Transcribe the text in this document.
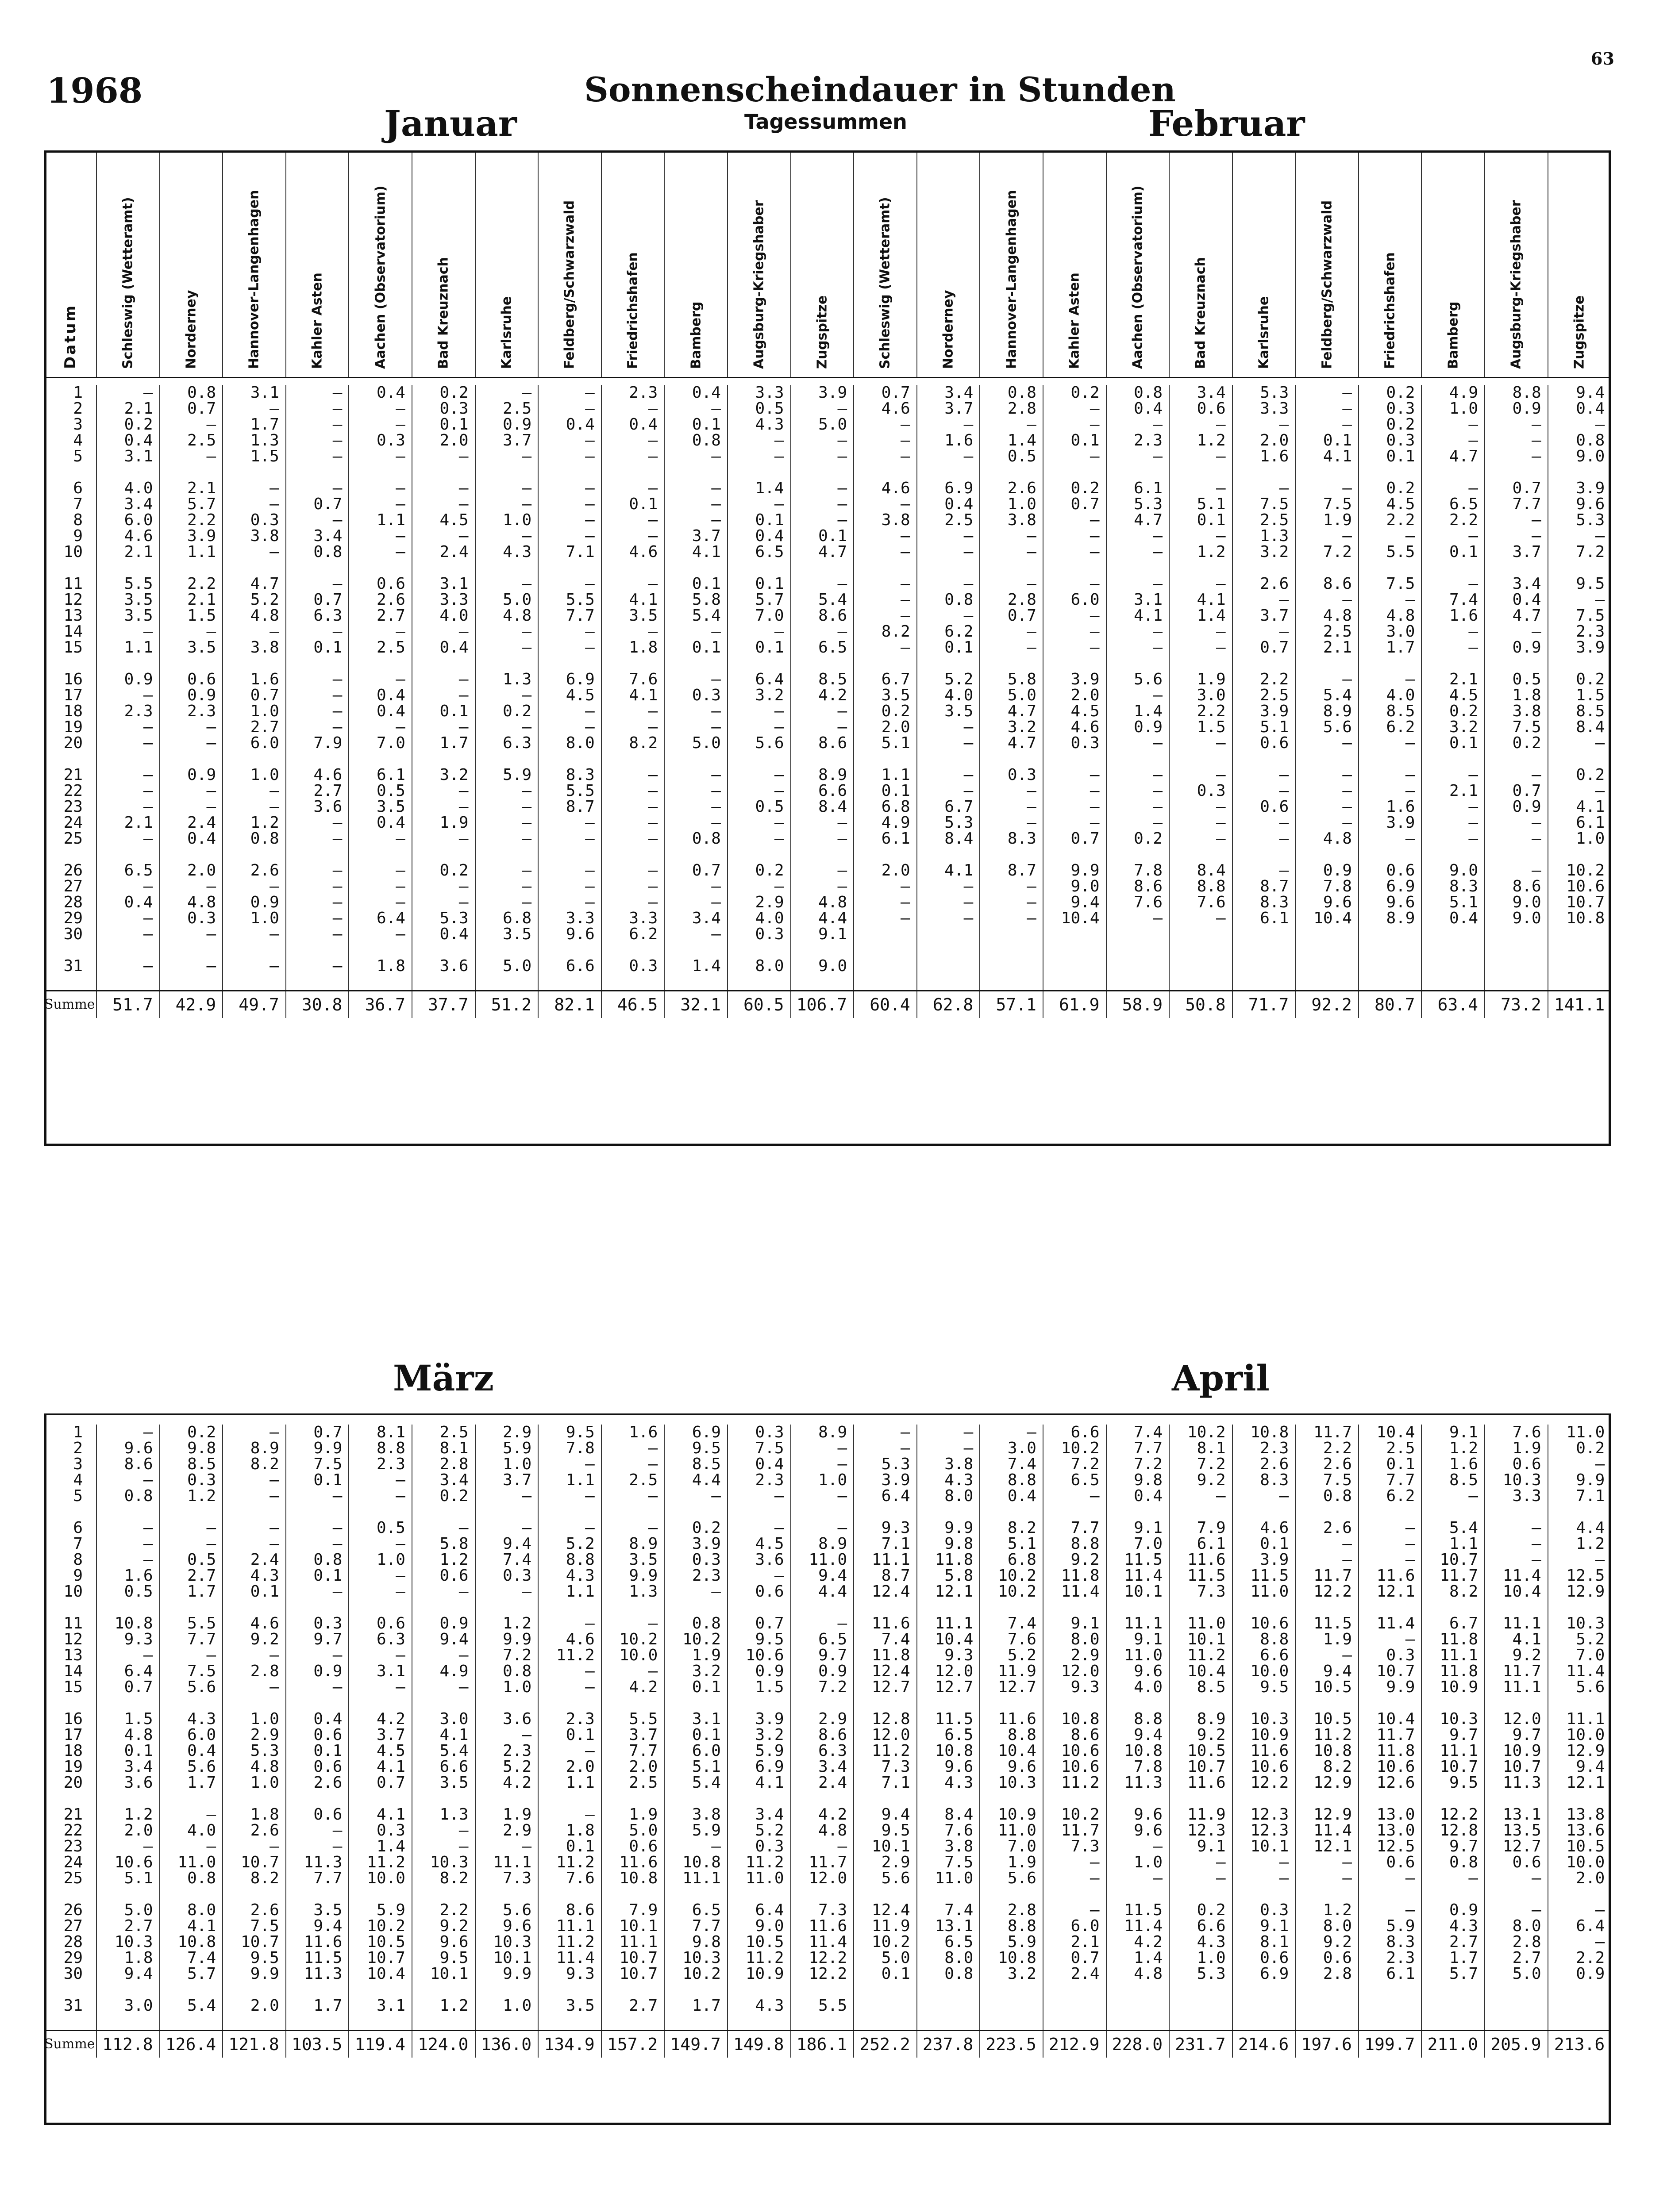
1968	Sonnenscheindauer in Stunden
Tagessummen
63
Januar	Februar
März	April
Datum	Schleswig (Wetteramt)	Norderney	Hannover-Langenhagen	Kahler Asten	Aachen (Observatorium)	Bad Kreuznach	Karlsruhe	Feldberg/Schwarzwald	Friedrichshafen	Bamberg	Augsburg-Kriegshaber	Zugspitze	Schleswig (Wetteramt)	Norderney	Hannover-Langenhagen	Kahler Asten	Aachen (Observatorium)	Bad Kreuznach	Karlsruhe	Feldberg/Schwarzwald	Friedrichshafen	Bamberg	Augsburg-Kriegshaber	Zugspitze
1	–	0.8	3.1	–	0.4	0.2	–	–	2.3	0.4	3.3	3.9	0.7	3.4	0.8	0.2	0.8	3.4	5.3	–	0.2	4.9	8.8	9.4
2	2.1	0.7	–	–	–	0.3	2.5	–	–	–	0.5	–	4.6	3.7	2.8	–	0.4	0.6	3.3	–	0.3	1.0	0.9	0.4
3	0.2	–	1.7	–	–	0.1	0.9	0.4	0.4	0.1	4.3	5.0	–	–	–	–	–	–	–	–	0.2	–	–	–
4	0.4	2.5	1.3	–	0.3	2.0	3.7	–	–	0.8	–	–	–	1.6	1.4	0.1	2.3	1.2	2.0	0.1	0.3	–	–	0.8
5	3.1	–	1.5	–	–	–	–	–	–	–	–	–	–	–	0.5	–	–	–	1.6	4.1	0.1	4.7	–	9.0

6	4.0	2.1	–	–	–	–	–	–	–	–	1.4	–	4.6	6.9	2.6	0.2	6.1	–	–	–	0.2	–	0.7	3.9
7	3.4	5.7	–	0.7	–	–	–	–	0.1	–	–	–	–	0.4	1.0	0.7	5.3	5.1	7.5	7.5	4.5	6.5	7.7	9.6
8	6.0	2.2	0.3	–	1.1	4.5	1.0	–	–	–	0.1	–	3.8	2.5	3.8	–	4.7	0.1	2.5	1.9	2.2	2.2	–	5.3
9	4.6	3.9	3.8	3.4	–	–	–	–	–	3.7	0.4	0.1	–	–	–	–	–	–	1.3	–	–	–	–	–
10	2.1	1.1	–	0.8	–	2.4	4.3	7.1	4.6	4.1	6.5	4.7	–	–	–	–	–	1.2	3.2	7.2	5.5	0.1	3.7	7.2

11	5.5	2.2	4.7	–	0.6	3.1	–	–	–	0.1	0.1	–	–	–	–	–	–	–	2.6	8.6	7.5	–	3.4	9.5
12	3.5	2.1	5.2	0.7	2.6	3.3	5.0	5.5	4.1	5.8	5.7	5.4	–	0.8	2.8	6.0	3.1	4.1	–	–	–	7.4	0.4	–
13	3.5	1.5	4.8	6.3	2.7	4.0	4.8	7.7	3.5	5.4	7.0	8.6	–	–	0.7	–	4.1	1.4	3.7	4.8	4.8	1.6	4.7	7.5
14	–	–	–	–	–	–	–	–	–	–	–	–	8.2	6.2	–	–	–	–	–	2.5	3.0	–	–	2.3
15	1.1	3.5	3.8	0.1	2.5	0.4	–	–	1.8	0.1	0.1	6.5	–	0.1	–	–	–	–	0.7	2.1	1.7	–	0.9	3.9

16	0.9	0.6	1.6	–	–	–	1.3	6.9	7.6	–	6.4	8.5	6.7	5.2	5.8	3.9	5.6	1.9	2.2	–	–	2.1	0.5	0.2
17	–	0.9	0.7	–	0.4	–	–	4.5	4.1	0.3	3.2	4.2	3.5	4.0	5.0	2.0	–	3.0	2.5	5.4	4.0	4.5	1.8	1.5
18	2.3	2.3	1.0	–	0.4	0.1	0.2	–	–	–	–	–	0.2	3.5	4.7	4.5	1.4	2.2	3.9	8.9	8.5	0.2	3.8	8.5
19	–	–	2.7	–	–	–	–	–	–	–	–	–	2.0	–	3.2	4.6	0.9	1.5	5.1	5.6	6.2	3.2	7.5	8.4
20	–	–	6.0	7.9	7.0	1.7	6.3	8.0	8.2	5.0	5.6	8.6	5.1	–	4.7	0.3	–	–	0.6	–	–	0.1	0.2	–

21	–	0.9	1.0	4.6	6.1	3.2	5.9	8.3	–	–	–	8.9	1.1	–	0.3	–	–	–	–	–	–	–	–	0.2
22	–	–	–	2.7	0.5	–	–	5.5	–	–	–	6.6	0.1	–	–	–	–	0.3	–	–	–	2.1	0.7	–
23	–	–	–	3.6	3.5	–	–	8.7	–	–	0.5	8.4	6.8	6.7	–	–	–	–	0.6	–	1.6	–	0.9	4.1
24	2.1	2.4	1.2	–	0.4	1.9	–	–	–	–	–	–	4.9	5.3	–	–	–	–	–	–	3.9	–	–	6.1
25	–	0.4	0.8	–	–	–	–	–	–	0.8	–	–	6.1	8.4	8.3	0.7	0.2	–	–	4.8	–	–	–	1.0

26	6.5	2.0	2.6	–	–	0.2	–	–	–	0.7	0.2	–	2.0	4.1	8.7	9.9	7.8	8.4	–	0.9	0.6	9.0	–	10.2
27	–	–	–	–	–	–	–	–	–	–	–	–	–	–	–	9.0	8.6	8.8	8.7	7.8	6.9	8.3	8.6	10.6
28	0.4	4.8	0.9	–	–	–	–	–	–	–	2.9	4.8	–	–	–	9.4	7.6	7.6	8.3	9.6	9.6	5.1	9.0	10.7
29	–	0.3	1.0	–	6.4	5.3	6.8	3.3	3.3	3.4	4.0	4.4	–	–	–	10.4	–	–	6.1	10.4	8.9	0.4	9.0	10.8
30	–	–	–	–	–	0.4	3.5	9.6	6.2	–	0.3	9.1												

31	–	–	–	–	1.8	3.6	5.0	6.6	0.3	1.4	8.0	9.0												

Summe	51.7	42.9	49.7	30.8	36.7	37.7	51.2	82.1	46.5	32.1	60.5	106.7	60.4	62.8	57.1	61.9	58.9	50.8	71.7	92.2	80.7	63.4	73.2	141.1
1	–	0.2	–	0.7	8.1	2.5	2.9	9.5	1.6	6.9	0.3	8.9	–	–	–	6.6	7.4	10.2	10.8	11.7	10.4	9.1	7.6	11.0
2	9.6	9.8	8.9	9.9	8.8	8.1	5.9	7.8	–	9.5	7.5	–	–	–	3.0	10.2	7.7	8.1	2.3	2.2	2.5	1.2	1.9	0.2
3	8.6	8.5	8.2	7.5	2.3	2.8	1.0	–	–	8.5	0.4	–	5.3	3.8	7.4	7.2	7.2	7.2	2.6	2.6	0.1	1.6	0.6	–
4	–	0.3	–	0.1	–	3.4	3.7	1.1	2.5	4.4	2.3	1.0	3.9	4.3	8.8	6.5	9.8	9.2	8.3	7.5	7.7	8.5	10.3	9.9
5	0.8	1.2	–	–	–	0.2	–	–	–	–	–	–	6.4	8.0	0.4	–	0.4	–	–	0.8	6.2	–	3.3	7.1

6	–	–	–	–	0.5	–	–	–	–	0.2	–	–	9.3	9.9	8.2	7.7	9.1	7.9	4.6	2.6	–	5.4	–	4.4
7	–	–	–	–	–	5.8	9.4	5.2	8.9	3.9	4.5	8.9	7.1	9.8	5.1	8.8	7.0	6.1	0.1	–	–	1.1	–	1.2
8	–	0.5	2.4	0.8	1.0	1.2	7.4	8.8	3.5	0.3	3.6	11.0	11.1	11.8	6.8	9.2	11.5	11.6	3.9	–	–	10.7	–	–
9	1.6	2.7	4.3	0.1	–	0.6	0.3	4.3	9.9	2.3	–	9.4	8.7	5.8	10.2	11.8	11.4	11.5	11.5	11.7	11.6	11.7	11.4	12.5
10	0.5	1.7	0.1	–	–	–	–	1.1	1.3	–	0.6	4.4	12.4	12.1	10.2	11.4	10.1	7.3	11.0	12.2	12.1	8.2	10.4	12.9

11	10.8	5.5	4.6	0.3	0.6	0.9	1.2	–	–	0.8	0.7	–	11.6	11.1	7.4	9.1	11.1	11.0	10.6	11.5	11.4	6.7	11.1	10.3
12	9.3	7.7	9.2	9.7	6.3	9.4	9.9	4.6	10.2	10.2	9.5	6.5	7.4	10.4	7.6	8.0	9.1	10.1	8.8	1.9	–	11.8	4.1	5.2
13	–	–	–	–	–	–	7.2	11.2	10.0	1.9	10.6	9.7	11.8	9.3	5.2	2.9	11.0	11.2	6.6	–	0.3	11.1	9.2	7.0
14	6.4	7.5	2.8	0.9	3.1	4.9	0.8	–	–	3.2	0.9	0.9	12.4	12.0	11.9	12.0	9.6	10.4	10.0	9.4	10.7	11.8	11.7	11.4
15	0.7	5.6	–	–	–	–	1.0	–	4.2	0.1	1.5	7.2	12.7	12.7	12.7	9.3	4.0	8.5	9.5	10.5	9.9	10.9	11.1	5.6

16	1.5	4.3	1.0	0.4	4.2	3.0	3.6	2.3	5.5	3.1	3.9	2.9	12.8	11.5	11.6	10.8	8.8	8.9	10.3	10.5	10.4	10.3	12.0	11.1
17	4.8	6.0	2.9	0.6	3.7	4.1	–	0.1	3.7	0.1	3.2	8.6	12.0	6.5	8.8	8.6	9.4	9.2	10.9	11.2	11.7	9.7	9.7	10.0
18	0.1	0.4	5.3	0.1	4.5	5.4	2.3	–	7.7	6.0	5.9	6.3	11.2	10.8	10.4	10.6	10.8	10.5	11.6	10.8	11.8	11.1	10.9	12.9
19	3.4	5.6	4.8	0.6	4.1	6.6	5.2	2.0	2.0	5.1	6.9	3.4	7.3	9.6	9.6	10.6	7.8	10.7	10.6	8.2	10.6	10.7	10.7	9.4
20	3.6	1.7	1.0	2.6	0.7	3.5	4.2	1.1	2.5	5.4	4.1	2.4	7.1	4.3	10.3	11.2	11.3	11.6	12.2	12.9	12.6	9.5	11.3	12.1

21	1.2	–	1.8	0.6	4.1	1.3	1.9	–	1.9	3.8	3.4	4.2	9.4	8.4	10.9	10.2	9.6	11.9	12.3	12.9	13.0	12.2	13.1	13.8
22	2.0	4.0	2.6	–	0.3	–	2.9	1.8	5.0	5.9	5.2	4.8	9.5	7.6	11.0	11.7	9.6	12.3	12.3	11.4	13.0	12.8	13.5	13.6
23	–	–	–	–	1.4	–	–	0.1	0.6	–	0.3	–	10.1	3.8	7.0	7.3	–	9.1	10.1	12.1	12.5	9.7	12.7	10.5
24	10.6	11.0	10.7	11.3	11.2	10.3	11.1	11.2	11.6	10.8	11.2	11.7	2.9	7.5	1.9	–	1.0	–	–	–	0.6	0.8	0.6	10.0
25	5.1	0.8	8.2	7.7	10.0	8.2	7.3	7.6	10.8	11.1	11.0	12.0	5.6	11.0	5.6	–	–	–	–	–	–	–	–	2.0

26	5.0	8.0	2.6	3.5	5.9	2.2	5.6	8.6	7.9	6.5	6.4	7.3	12.4	7.4	2.8	–	11.5	0.2	0.3	1.2	–	0.9	–	–
27	2.7	4.1	7.5	9.4	10.2	9.2	9.6	11.1	10.1	7.7	9.0	11.6	11.9	13.1	8.8	6.0	11.4	6.6	9.1	8.0	5.9	4.3	8.0	6.4
28	10.3	10.8	10.7	11.6	10.5	9.6	10.3	11.2	11.1	9.8	10.5	11.4	10.2	6.5	5.9	2.1	4.2	4.3	8.1	9.2	8.3	2.7	2.8	–
29	1.8	7.4	9.5	11.5	10.7	9.5	10.1	11.4	10.7	10.3	11.2	12.2	5.0	8.0	10.8	0.7	1.4	1.0	0.6	0.6	2.3	1.7	2.7	2.2
30	9.4	5.7	9.9	11.3	10.4	10.1	9.9	9.3	10.7	10.2	10.9	12.2	0.1	0.8	3.2	2.4	4.8	5.3	6.9	2.8	6.1	5.7	5.0	0.9

31	3.0	5.4	2.0	1.7	3.1	1.2	1.0	3.5	2.7	1.7	4.3	5.5												

Summe	112.8	126.4	121.8	103.5	119.4	124.0	136.0	134.9	157.2	149.7	149.8	186.1	252.2	237.8	223.5	212.9	228.0	231.7	214.6	197.6	199.7	211.0	205.9	213.6
